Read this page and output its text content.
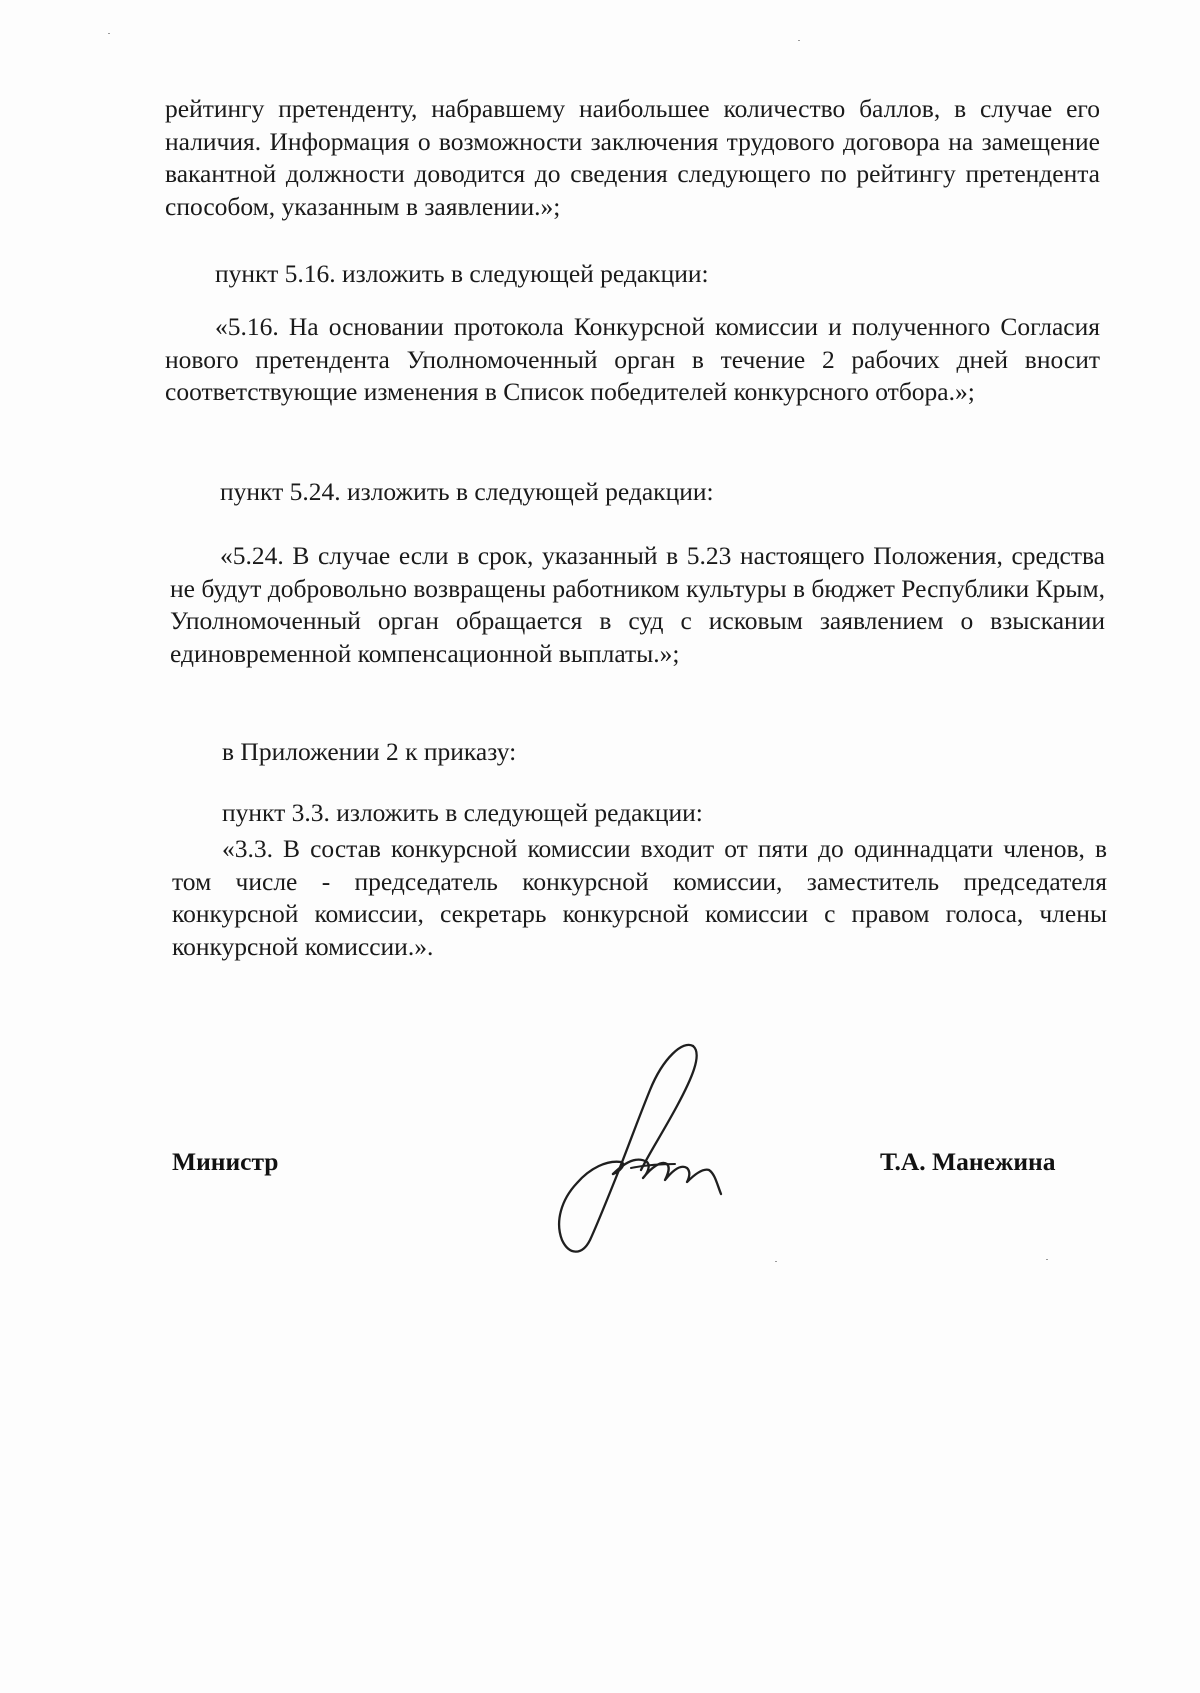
рейтингу претенденту, набравшему наибольшее количество баллов, в случае его наличия. Информация о возможности заключения трудового договора на замещение вакантной должности доводится до сведения следующего по рейтингу претендента способом, указанным в заявлении.»;

пункт 5.16. изложить в следующей редакции:

«5.16. На основании протокола Конкурсной комиссии и полученного Согласия нового претендента Уполномоченный орган в течение 2 рабочих дней вносит соответствующие изменения в Список победителей конкурсного отбора.»;

пункт 5.24. изложить в следующей редакции:

«5.24. В случае если в срок, указанный в 5.23 настоящего Положения, средства не будут добровольно возвращены работником культуры в бюджет Республики Крым, Уполномоченный орган обращается в суд с исковым заявлением о взыскании единовременной компенсационной выплаты.»;

в Приложении 2 к приказу:

пункт 3.3. изложить в следующей редакции:

«3.3. В состав конкурсной комиссии входит от пяти до одиннадцати членов, в том числе - председатель конкурсной комиссии, заместитель председателя конкурсной комиссии, секретарь конкурсной комиссии с правом голоса, члены конкурсной комиссии.».

Министр	Т.А. Манежина
